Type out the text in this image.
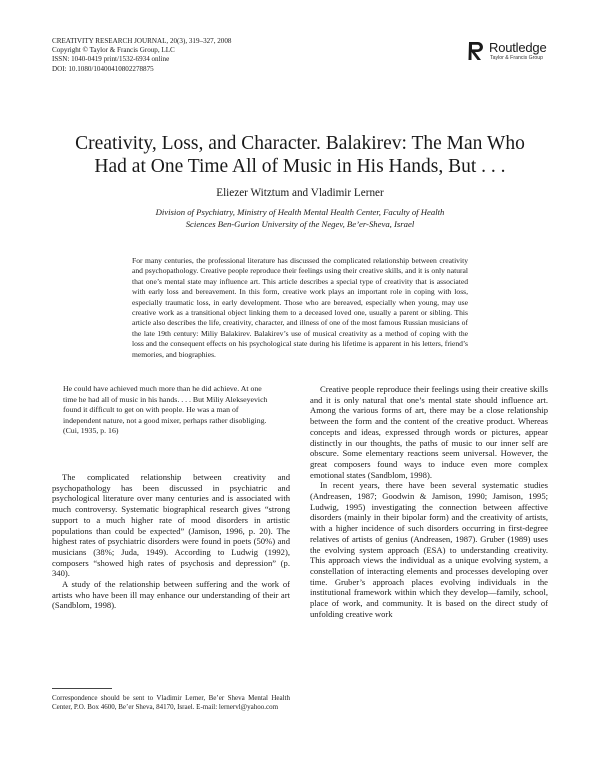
CREATIVITY RESEARCH JOURNAL, 20(3), 319–327, 2008
Copyright © Taylor & Francis Group, LLC
ISSN: 1040-0419 print/1532-6934 online
DOI: 10.1080/10400410802278875
Routledge
Taylor & Francis Group
Creativity, Loss, and Character. Balakirev: The Man Who
Had at One Time All of Music in His Hands, But . . .
Eliezer Witztum and Vladimir Lerner
Division of Psychiatry, Ministry of Health Mental Health Center, Faculty of Health
Sciences Ben-Gurion University of the Negev, Be’er-Sheva, Israel
For many centuries, the professional literature has discussed the complicated relationship between creativity and psychopathology. Creative people reproduce their feelings using their creative skills, and it is only natural that one’s mental state may influence art. This article describes a special type of creativity that is associated with early loss and bereavement. In this form, creative work plays an important role in coping with loss, especially traumatic loss, in early development. Those who are bereaved, especially when young, may use creative work as a transitional object linking them to a deceased loved one, usually a parent or sibling. This article also describes the life, creativity, character, and illness of one of the most famous Russian musicians of the late 19th century: Miliy Balakirev. Balakirev’s use of musical creativity as a method of coping with the loss and the consequent effects on his psychological state during his lifetime is apparent in his letters, friend’s memories, and biographies.
He could have achieved much more than he did achieve. At one time he had all of music in his hands. . . . But Miliy Alekseyevich found it difficult to get on with people. He was a man of independent nature, not a good mixer, perhaps rather disobliging. (Cui, 1935, p. 16)

The complicated relationship between creativity and psychopathology has been discussed in psychiatric and psychological literature over many centuries and is associated with much controversy. Systematic biographical research gives “strong support to a much higher rate of mood disorders in artistic populations than could be expected” (Jamison, 1996, p. 20). The highest rates of psychiatric disorders were found in poets (50%) and musicians (38%; Juda, 1949). According to Ludwig (1992), composers “showed high rates of psychosis and depression” (p. 340).

A study of the relationship between suffering and the work of artists who have been ill may enhance our understanding of their art (Sandblom, 1998).

Creative people reproduce their feelings using their creative skills and it is only natural that one’s mental state should influence art. Among the various forms of art, there may be a close relationship between the form and the content of the creative product. Whereas concepts and ideas, expressed through words or pictures, appear distinctly in our thoughts, the paths of music to our inner self are obscure. Some elementary reactions seem universal. However, the great composers found ways to induce even more complex emotional states (Sandblom, 1998).

In recent years, there have been several systematic studies (Andreasen, 1987; Goodwin & Jamison, 1990; Jamison, 1995; Ludwig, 1995) investigating the connection between affective disorders (mainly in their bipolar form) and the creativity of artists, with a higher incidence of such disorders occurring in first-degree relatives of artists of genius (Andreasen, 1987). Gruber (1989) uses the evolving system approach (ESA) to understanding creativity. This approach views the individual as a unique evolving system, a constellation of interacting elements and processes developing over time. Gruber’s approach places evolving individuals in the institutional framework within which they develop—family, school, place of work, and community. It is based on the direct study of unfolding creative work

Correspondence should be sent to Vladimir Lerner, Be’er Sheva Mental Health Center, P.O. Box 4600, Be’er Sheva, 84170, Israel. E-mail: lernervl@yahoo.com
